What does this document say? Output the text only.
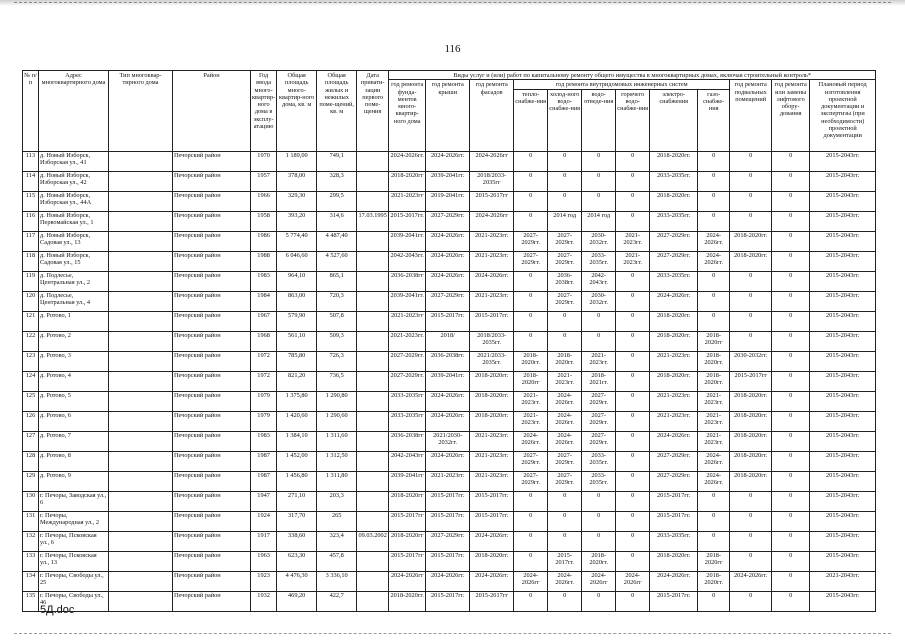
116
№ п/п	Адрес многоквартирного дома	Тип многоквар-тирного дома	Район	Год ввода много-квартир-ного дома в эксплу-атацию	Общая площадь много-квартир-ного дома, кв. м	Общая площадь жилых и нежилых поме-щений, кв. м	Дата привати-зации первого поме-щения	Виды услуг и (или) работ по капитальному ремонту общего имущества в многоквартирных домах, включая строительный контроль*											
								год ремонта фунда-ментов много-квартир-ного дома	год ремонта крыши	год ремонта фасадов	год ремонта внутридомовых инженерных систем						год ремонта подвальных помещений	год ремонта или замены лифтового обору-дования	Плановый период изготовления проектной документации и экспертизы (при необходимости) проектной документации
											тепло-снабже-ния	холод-ного водо-снабже-ния	водо-отведе-ния	горячего водо-снабже-ния	электро-снабжения	газо-снабже-ния			
113	д. Новый Изборск, Изборская ул., 41		Печорский район	1970	1 189,00	749,1		2024-2026гг.	2024-2026гг.	2024-2026гг	0	0	0	0	2018-2020гг.	0	0	0	2015-2043гг.
114	д. Новый Изборск, Изборская ул., 42		Печорский район	1957	378,00	328,3		2018-2020гг	2039-2041гг.	2018/2033-2035гг	0	0	0	0	2033-2035гг.	0	0	0	2015-2043гг.
115	д. Новый Изборск, Изборская ул., 44А		Печорский район	1966	329,30	299,5		2021-2023гг	2019-2041гг.	2015-2017гг	0	0	0	0	2018-2020гг.	0	0	0	2015-2043гг.
116	д. Новый Изборск, Первомайская ул., 1		Печорский район	1958	393,20	314,6	17.03.1995	2015-2017гг.	2027-2029гг.	2024-2026гг	0	2014 год	2014 год	0	2033-2035гг.	0	0	0	2015-2043гг.
117	д. Новый Изборск, Садовая ул., 13		Печорский район	1986	5 774,40	4 487,40		2039-2041гг.	2024-2026гг.	2021-2023гг.	2027-2029гг.	2027-2029гг.	2030-2032гг.	2021-2023гг.	2027-2029гг.	2024-2026гг.	2018-2020гг.	0	2015-2043гг.
118	д. Новый Изборск, Садовая ул., 15		Печорский район	1988	6 046,60	4 527,60		2042-2043гг.	2024-2026гг.	2021-2023гг.	2027-2029гг.	2027-2029гг.	2033-2035гг.	2021-2023гг.	2027-2029гг.	2024-2026гг.	2018-2020гг.	0	2015-2043гг.
119	д. Подлесье, Центральная ул., 2		Печорский район	1983	964,10	865,1		2036-2038гг	2024-2026гг.	2024-2026гг.	0	2036-2038гг.	2042-2043гг.	0	2033-2035гг.	0	0	0	2015-2043гг.
120	д. Подлесье, Центральная ул., 4		Печорский район	1984	863,00	720,3		2039-2041гг.	2027-2029гг.	2021-2023гг.	0	2027-2029гг.	2030-2032гг.	0	2024-2026гг.	0	0	0	2015-2043гг.
121	д. Ротово, 1		Печорский район	1967	579,90	507,8		2021-2023гг	2015-2017гг.	2015-2017гг.	0	0	0	0	2018-2020гг.	0	0	0	2015-2043гг.
122	д. Ротово, 2		Печорский район	1968	561,10	509,3		2021-2023гг.	2018/	2018/2033-2035гг.	0	0	0	0	2018-2020гг.	2018-2020гг	0	0	2015-2043гг.
123	д. Ротово, 3		Печорский район	1972	785,80	726,3		2027-2029гг.	2036-2038гг.	2021/2033-2035гг.	2018-2020гг.	2018-2020гг.	2021-2023гг.	0	2021-2023гг.	2018-2020гг.	2030-2032гг.	0	2015-2043гг.
124	д. Ротово, 4		Печорский район	1972	821,20	736,5		2027-2029гг.	2039-2041гг.	2018-2020гг.	2018-2020гг	2021-2023гг.	2018-2021гг.	0	2018-2020гг.	2018-2020гг.	2015-2017гг	0	2015-2043гг.
125	д. Ротово, 5		Печорский район	1979	1 375,80	1 290,80		2033-2035гг	2024-2026гг.	2018-2020гг.	2021-2023гг.	2024-2026гг.	2027-2029гг.	0	2021-2023гг.	2021-2023гг.	2018-2020гг.	0	2015-2043гг.
126	д. Ротово, 6		Печорский район	1979	1 420,60	1 290,60		2033-2035гг	2024-2026гг.	2018-2020гг.	2021-2023гг.	2024-2026гг.	2027-2029гг.	0	2021-2023гг.	2021-2023гг.	2018-2020гг.	0	2015-2043гг.
127	д. Ротово, 7		Печорский район	1983	1 384,10	1 311,60		2036-2038гг	2021/2030-2032гг.	2021-2023гг.	2024-2026гг.	2024-2026гг.	2027-2029гг.	0	2024-2026гг.	2021-2023гг.	2018-2020гг.	0	2015-2043гг.
128	д. Ротово, 8		Печорский район	1987	1 452,00	1 312,50		2042-2043гг	2024-2026гг.	2021-2023гг.	2027-2029гг.	2027-2029гг.	2033-2035гг.	0	2027-2029гг.	2024-2026гг.	2018-2020гг.	0	2015-2043гг.
129	д. Ротово, 9		Печорский район	1987	1 456,80	1 311,80		2039-2041гг	2021-2023гг.	2021-2023гг.	2027-2029гг.	2027-2029гг.	2033-2035гг.	0	2027-2029гг.	2024-2026гг.	2018-2020гг.	0	2015-2043гг.
130	г. Печоры, Заводская ул., 6		Печорский район	1947	271,10	203,3		2018-2020гг	2015-2017гг.	2015-2017гг.	0	0	0	0	2015-2017гг.	0	0	0	2015-2043гг.
131	г. Печоры, Международная ул., 2		Печорский район	1924	317,70	265		2015-2017гг	2015-2017гг.	2015-2017гг.	0	0	0	0	2015-2017гг.	0	0	0	2015-2043гг.
132	г. Печоры, Псковская ул., 6		Печорский район	1917	338,60	323,4	09.03.2002	2018-2020гг	2027-2029гг.	2024-2026гг.	0	0	0	0	2033-2035гг.	0	0	0	2015-2043гг.
133	г. Печоры, Псковская ул., 13		Печорский район	1963	623,30	457,8		2015-2017гг	2015-2017гг.	2018-2020гг.	0	2015-2017гг.	2018-2020гг.	0	2018-2020гг.	2018-2020гг	0	0	2015-2043гг.
134	г. Печоры, Свободы ул., 25		Печорский район	1923	4 476,30	3 336,10		2024-2026гг	2024-2026гг.	2024-2026гг.	2024-2026гг	2024-2026гг.	2024-2026гг	2024-2026гг	2024-2026гг.	2018-2020гг.	2024-2026гг.	0	2021-2043гг.
135	г. Печоры, Свободы ул., 46		Печорский район	1932	469,20	422,7		2018-2020гг.	2015-2017гг.	2015-2017гг	0	0	0	0	2015-2017гг.	0	0	0	2015-2043гг.
5Д.doc
